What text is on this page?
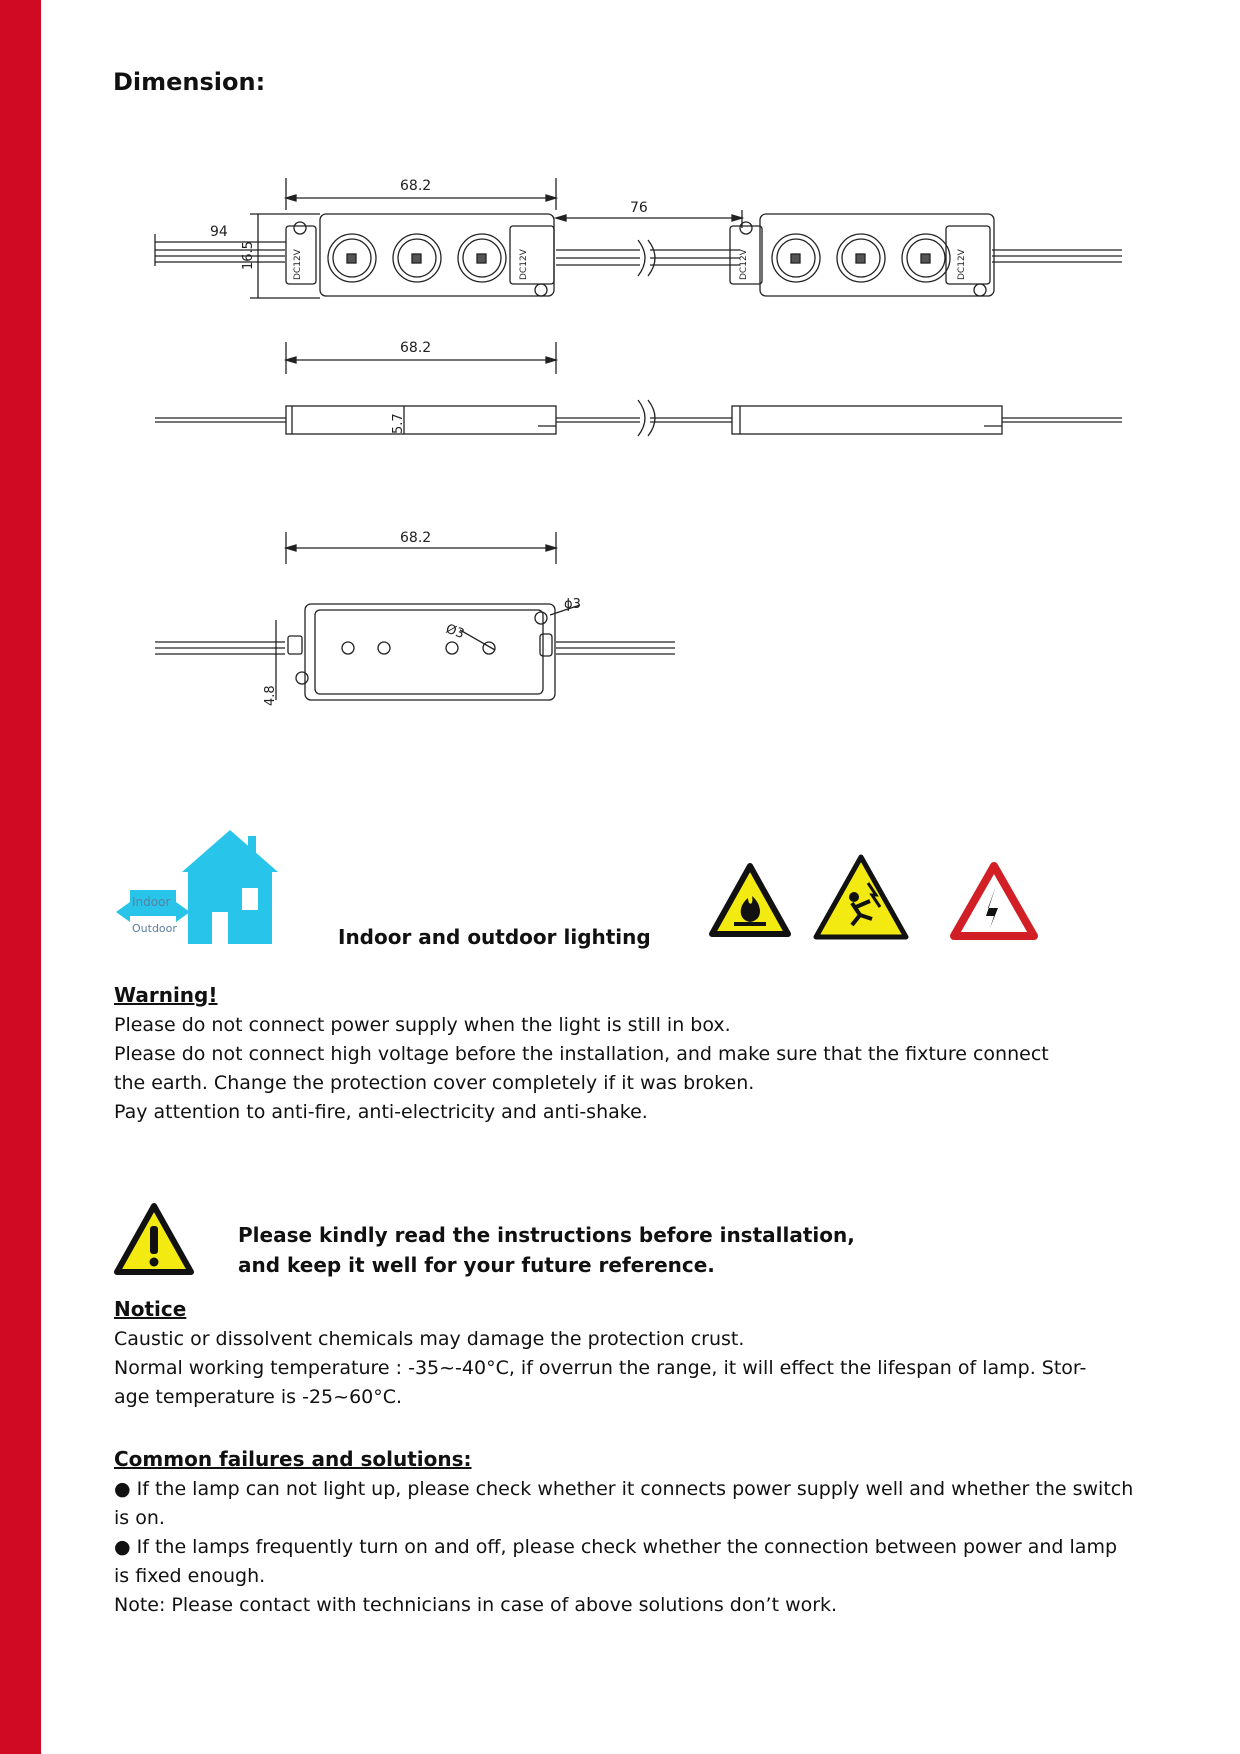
Dimension:
68.2
76
94
16.5	DC12V	DC12V	DC12V	DC12V
68.2
5.7
68.2
Ø3
ϕ3
4.8
Indoor
Outdoor	Indoor and outdoor lighting
Warning!

Please do not connect power supply when the light is still in box.

Please do not connect high voltage before the installation, and make sure that the fixture connect

the earth. Change the protection cover completely if it was broken.

Pay attention to anti-fire, anti-electricity and anti-shake.

Please kindly read the instructions before installation,
and keep it well for your future reference.
Notice

Caustic or dissolvent chemicals may damage the protection crust.

Normal working temperature : -35~-40°C, if overrun the range, it will effect the lifespan of lamp. Stor-

age temperature is -25~60°C.

Common failures and solutions:

● If the lamp can not light up, please check whether it connects power supply well and whether the switch

is on.

● If the lamps frequently turn on and off, please check whether the connection between power and lamp

is fixed enough.

Note: Please contact with technicians in case of above solutions don’t work.
